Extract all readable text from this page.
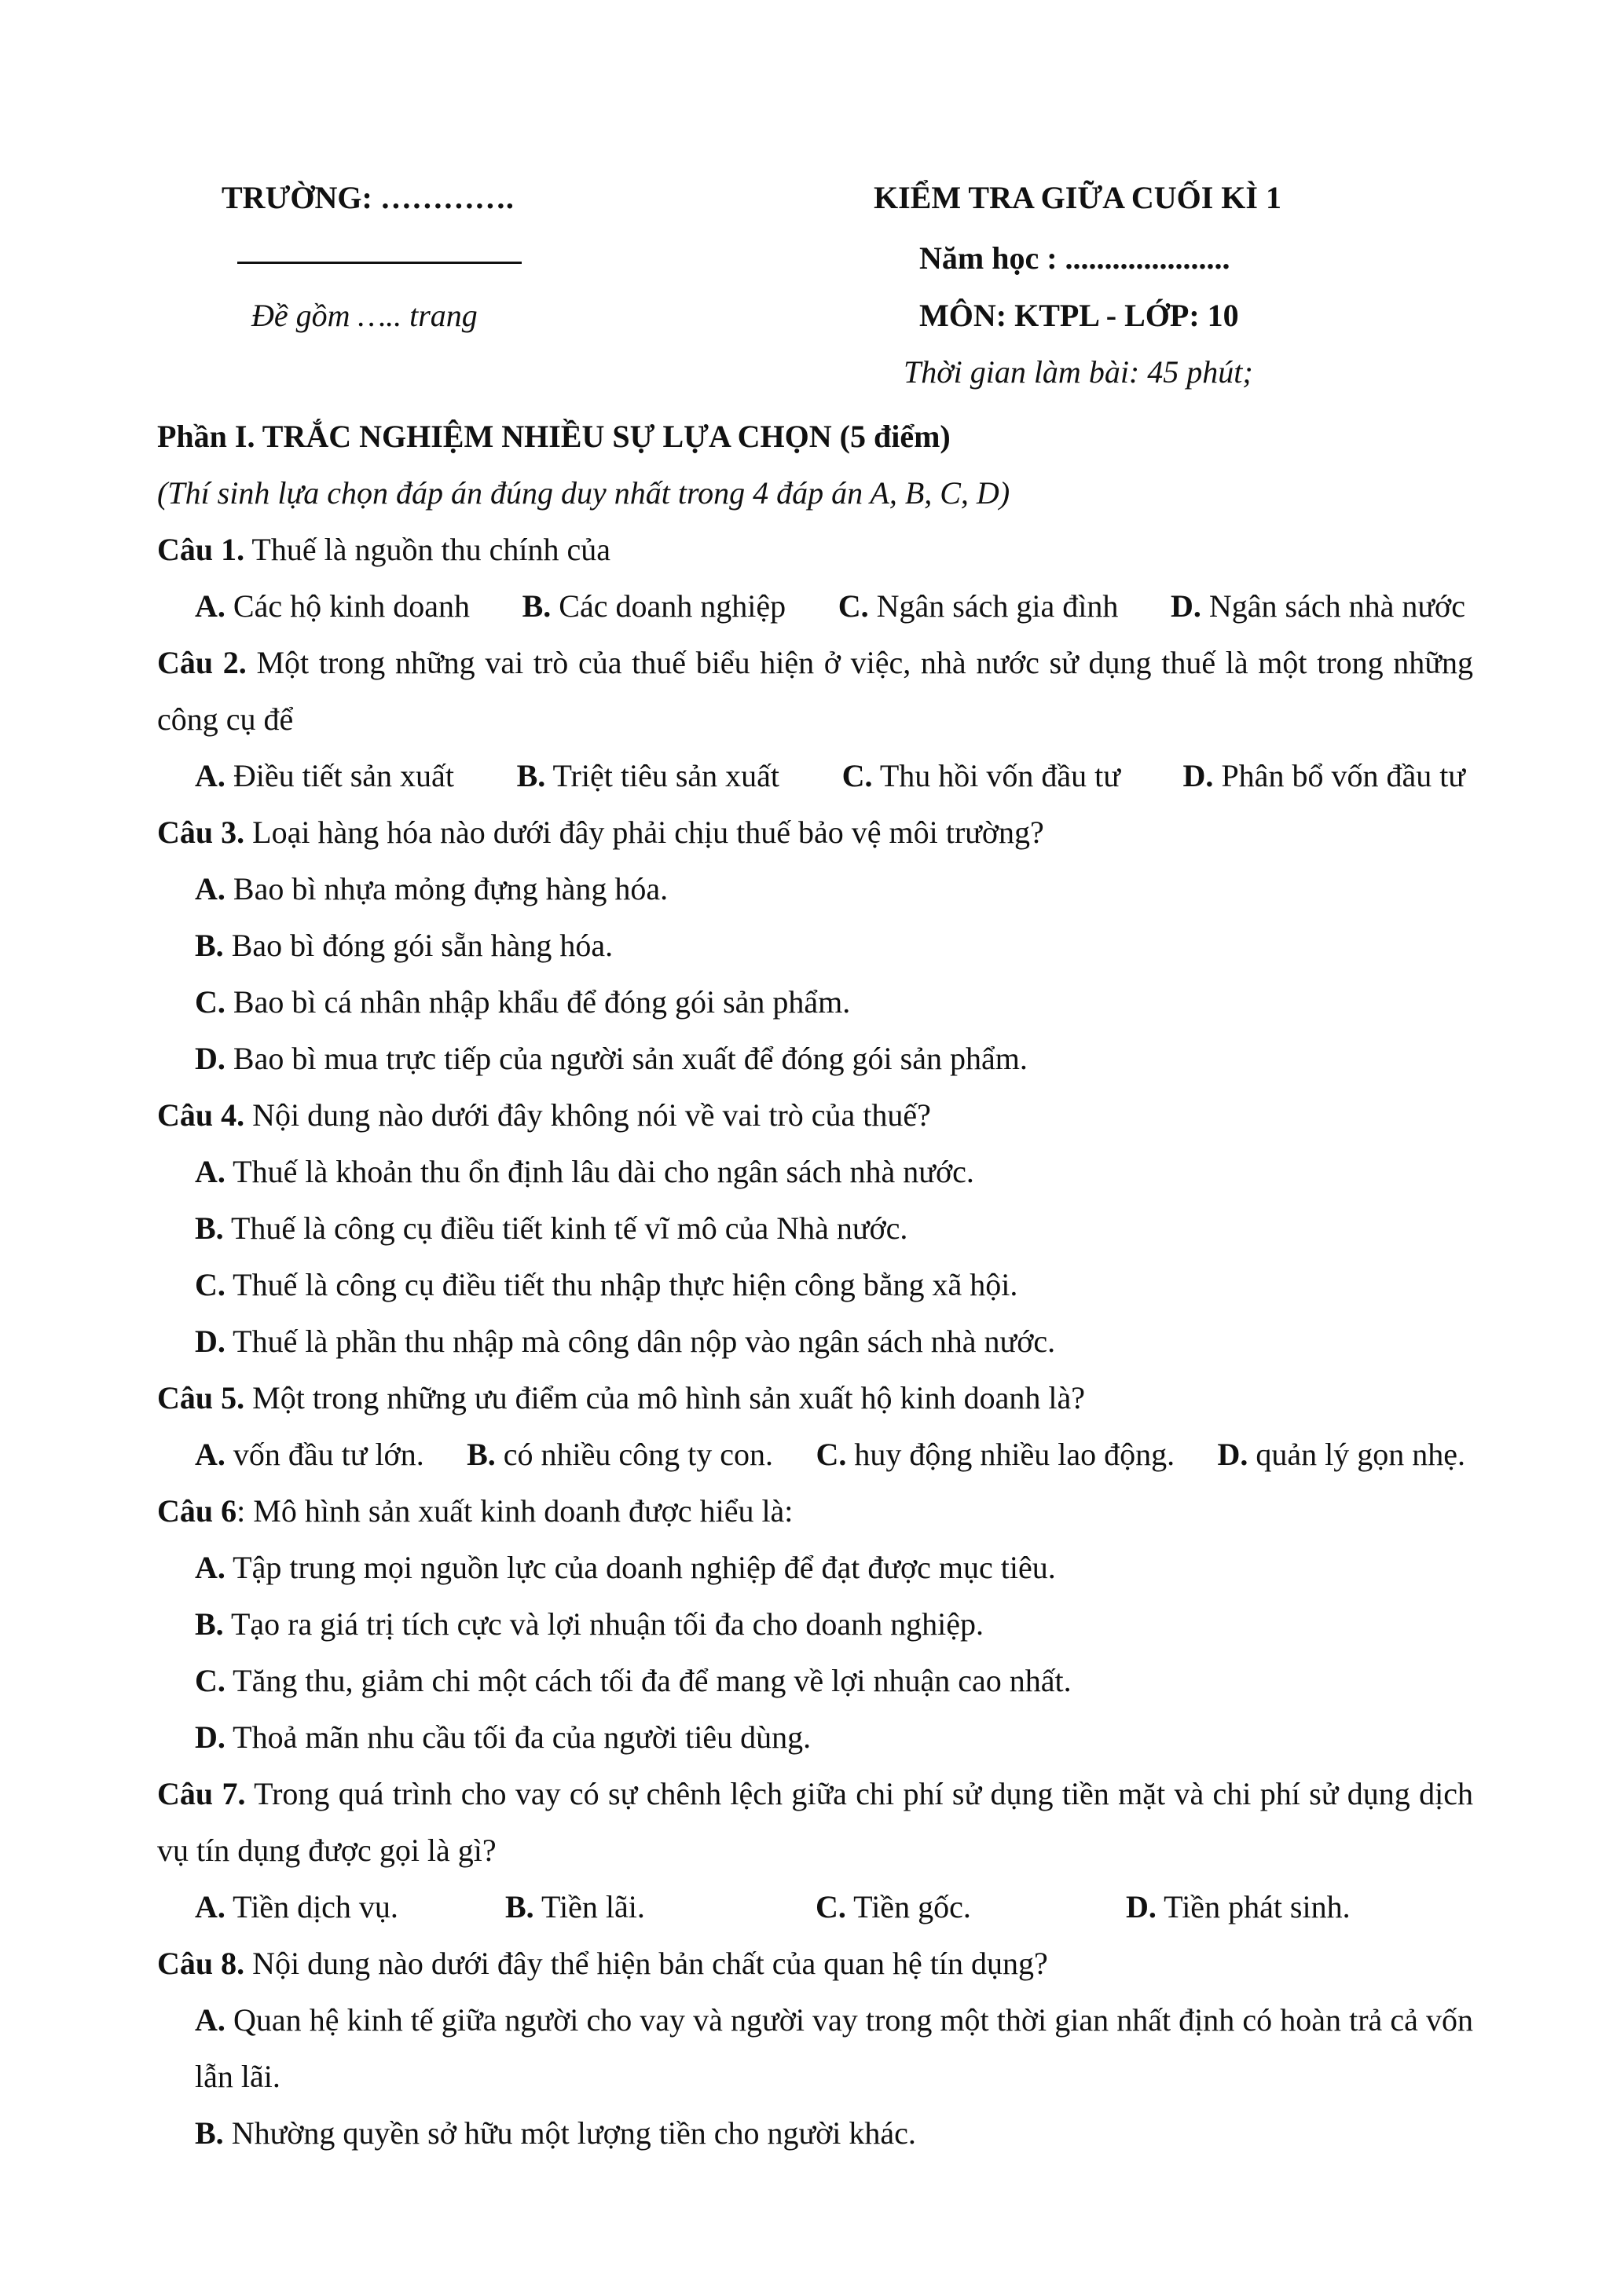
TRƯỜNG: ………….
Đề gồm ….. trang
KIỂM TRA GIỮA CUỐI KÌ 1
Năm học : .....................
MÔN: KTPL - LỚP: 10
Thời gian làm bài: 45 phút;
Phần I. TRẮC NGHIỆM NHIỀU SỰ LỰA CHỌN (5 điểm)
(Thí sinh lựa chọn đáp án đúng duy nhất trong 4 đáp án A, B, C, D)
Câu 1. Thuế là nguồn thu chính của
A. Các hộ kinh doanh B. Các doanh nghiệp C. Ngân sách gia đình D. Ngân sách nhà nước
Câu 2. Một trong những vai trò của thuế biểu hiện ở việc, nhà nước sử dụng thuế là một trong những công cụ để
A. Điều tiết sản xuất B. Triệt tiêu sản xuất C. Thu hồi vốn đầu tư D. Phân bổ vốn đầu tư
Câu 3. Loại hàng hóa nào dưới đây phải chịu thuế bảo vệ môi trường?
A. Bao bì nhựa mỏng đựng hàng hóa.
B. Bao bì đóng gói sẵn hàng hóa.
C. Bao bì cá nhân nhập khẩu để đóng gói sản phẩm.
D. Bao bì mua trực tiếp của người sản xuất để đóng gói sản phẩm.
Câu 4. Nội dung nào dưới đây không nói về vai trò của thuế?
A. Thuế là khoản thu ổn định lâu dài cho ngân sách nhà nước.
B. Thuế là công cụ điều tiết kinh tế vĩ mô của Nhà nước.
C. Thuế là công cụ điều tiết thu nhập thực hiện công bằng xã hội.
D. Thuế là phần thu nhập mà công dân nộp vào ngân sách nhà nước.
Câu 5. Một trong những ưu điểm của mô hình sản xuất hộ kinh doanh là?
A. vốn đầu tư lớn. B. có nhiều công ty con. C. huy động nhiều lao động. D. quản lý gọn nhẹ.
Câu 6: Mô hình sản xuất kinh doanh được hiểu là:
A. Tập trung mọi nguồn lực của doanh nghiệp để đạt được mục tiêu.
B. Tạo ra giá trị tích cực và lợi nhuận tối đa cho doanh nghiệp.
C. Tăng thu, giảm chi một cách tối đa để mang về lợi nhuận cao nhất.
D. Thoả mãn nhu cầu tối đa của người tiêu dùng.
Câu 7. Trong quá trình cho vay có sự chênh lệch giữa chi phí sử dụng tiền mặt và chi phí sử dụng dịch vụ tín dụng được gọi là gì?
A. Tiền dịch vụ.	B. Tiền lãi.	C. Tiền gốc.	D. Tiền phát sinh.
Câu 8. Nội dung nào dưới đây thể hiện bản chất của quan hệ tín dụng?
A. Quan hệ kinh tế giữa người cho vay và người vay trong một thời gian nhất định có hoàn trả cả vốn lẫn lãi.
B. Nhường quyền sở hữu một lượng tiền cho người khác.
